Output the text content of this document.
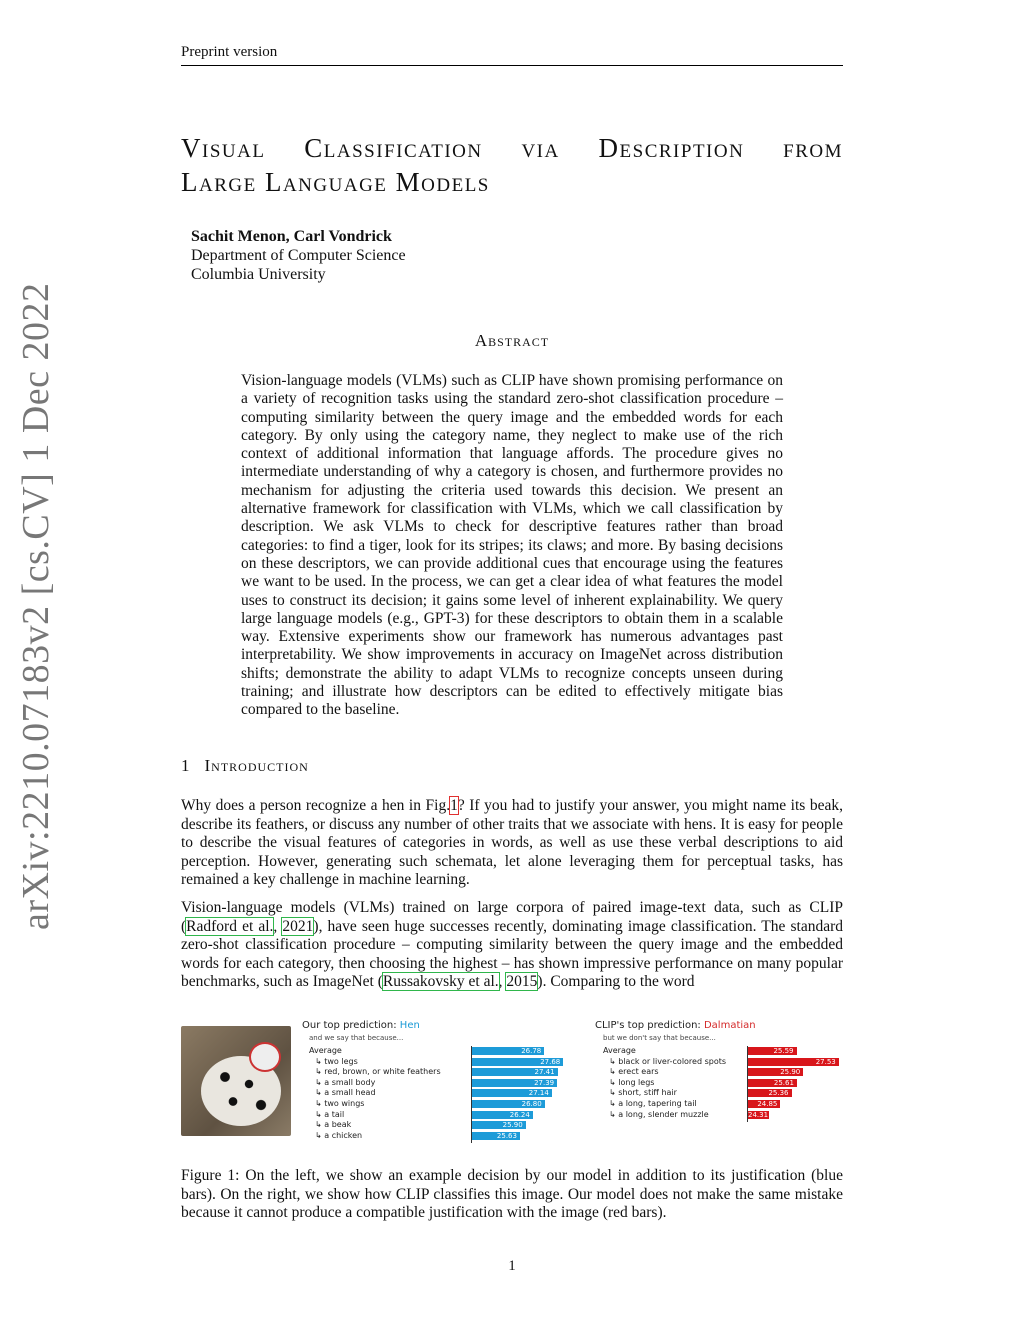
Preprint version
Visual Classification via Description from
Large Language Models
Sachit Menon, Carl Vondrick
Department of Computer Science
Columbia University
Abstract
Vision-language models (VLMs) such as CLIP have shown promising performance on a variety of recognition tasks using the standard zero-shot classification procedure – computing similarity between the query image and the embedded words for each category. By only using the category name, they neglect to make use of the rich context of additional information that language affords. The procedure gives no intermediate understanding of why a category is chosen, and furthermore provides no mechanism for adjusting the criteria used towards this decision. We present an alternative framework for classification with VLMs, which we call classification by description. We ask VLMs to check for descriptive features rather than broad categories: to find a tiger, look for its stripes; its claws; and more. By basing decisions on these descriptors, we can provide additional cues that encourage using the features we want to be used. In the process, we can get a clear idea of what features the model uses to construct its decision; it gains some level of inherent explainability. We query large language models (e.g., GPT-3) for these descriptors to obtain them in a scalable way. Extensive experiments show our framework has numerous advantages past interpretability. We show improvements in accuracy on ImageNet across distribution shifts; demonstrate the ability to adapt VLMs to recognize concepts unseen during training; and illustrate how descriptors can be edited to effectively mitigate bias compared to the baseline.
arXiv:2210.07183v2 [cs.CV] 1 Dec 2022	1 Introduction
Why does a person recognize a hen in Fig.1? If you had to justify your answer, you might name its beak, describe its feathers, or discuss any number of other traits that we associate with hens. It is easy for people to describe the visual features of categories in words, as well as use these verbal descriptions to aid perception. However, generating such schemata, let alone leveraging them for perceptual tasks, has remained a key challenge in machine learning.
Vision-language models (VLMs) trained on large corpora of paired image-text data, such as CLIP (Radford et al., 2021), have seen huge successes recently, dominating image classification. The standard zero-shot classification procedure – computing similarity between the query image and the embedded words for each category, then choosing the highest – has shown impressive performance on many popular benchmarks, such as ImageNet (Russakovsky et al., 2015). Comparing to the word
Our top prediction: Hen
and we say that because...
Average	26.78
↳ two legs	27.68
↳ red, brown, or white feathers	27.41
↳ a small body	27.39
↳ a small head	27.14
↳ two wings	26.80
↳ a tail	26.24
↳ a beak	25.90
↳ a chicken	25.63
CLIP's top prediction: Dalmatian
but we don't say that because...
Average	25.59
↳ black or liver-colored spots	27.53
↳ erect ears	25.90
↳ long legs	25.61
↳ short, stiff hair	25.36
↳ a long, tapering tail	24.85
↳ a long, slender muzzle	24.31
Figure 1: On the left, we show an example decision by our model in addition to its justification (blue bars). On the right, we show how CLIP classifies this image. Our model does not make the same mistake because it cannot produce a compatible justification with the image (red bars).
1
